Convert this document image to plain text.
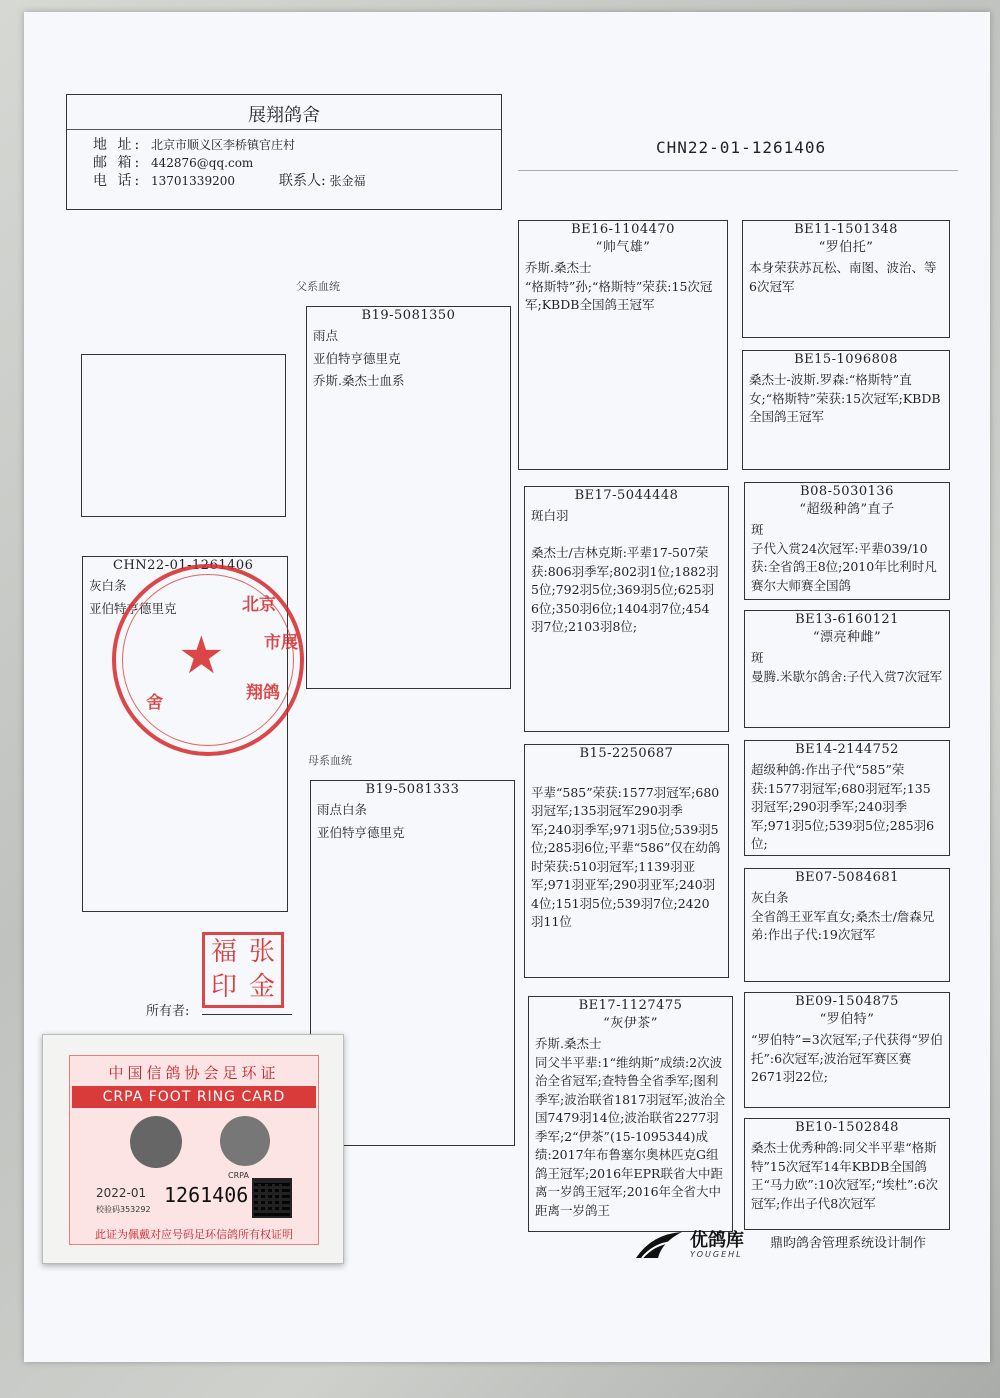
展翔鸽舍
地 址: 北京市顺义区李桥镇官庄村
邮 箱: 442876@qq.com
电 话: 13701339200	联系人: 张金福
CHN22-01-1261406
父系血统
母系血统
CHN22-01-1261406
灰白条
亚伯特亨德里克
B19-5081350
雨点
亚伯特亨德里克
乔斯.桑杰士血系
B19-5081333
雨点白条
亚伯特亨德里克
BE16-1104470
“帅气雄”
乔斯.桑杰士
“格斯特”孙;“格斯特”荣获:15次冠军;KBDB全国鸽王冠军
BE17-5044448
斑白羽

桑杰士/吉林克斯:平辈17-507荣获:806羽季军;802羽1位;1882羽5位;792羽5位;369羽5位;625羽6位;350羽6位;1404羽7位;454羽7位;2103羽8位;
B15-2250687

平辈“585”荣获:1577羽冠军;680羽冠军;135羽冠军290羽季军;240羽季军;971羽5位;539羽5位;285羽6位;平辈“586”仅在幼鸽时荣获:510羽冠军;1139羽亚军;971羽亚军;290羽亚军;240羽4位;151羽5位;539羽7位;2420羽11位
BE17-1127475
“灰伊茶”
乔斯.桑杰士
同父半平辈:1“维纳斯”成绩:2次波治全省冠军;查特鲁全省季军;图利季军;波治联省1817羽冠军;波治全国7479羽14位;波治联省2277羽季军;2“伊茶”(15-1095344)成绩:2017年布鲁塞尔奥林匹克G组鸽王冠军;2016年EPR联省大中距离一岁鸽王冠军;2016年全省大中距离一岁鸽王
BE11-1501348
“罗伯托”
本身荣获苏瓦松、南图、波治、等6次冠军
BE15-1096808
桑杰士-波斯.罗森:“格斯特”直女;“格斯特”荣获:15次冠军;KBDB全国鸽王冠军
B08-5030136
“超级种鸽”直子
斑
子代入赏24次冠军:平辈039/10获:全省鸽王8位;2010年比利时凡赛尔大师赛全国鸽
BE13-6160121
“漂亮种雌”
斑
曼腾.米歇尔鸽舍:子代入赏7次冠军
BE14-2144752
超级种鸽:作出子代“585”荣获:1577羽冠军;680羽冠军;135羽冠军;290羽季军;240羽季军;971羽5位;539羽5位;285羽6位;
BE07-5084681
灰白条
全省鸽王亚军直女;桑杰士/詹森兄弟:作出子代:19次冠军
BE09-1504875
“罗伯特”
“罗伯特”=3次冠军;子代获得“罗伯托”:6次冠军;波治冠军赛区赛2671羽22位;
BE10-1502848
桑杰士优秀种鸽:同父半平辈“格斯特”15次冠军14年KBDB全国鸽王“马力欧”:10次冠军;“埃杜”:6次冠军;作出子代8次冠军
★
北京
市展
翔鸽
舍
福 张
印 金
所有者:
优鸽库
YOUGEHL
鼎昀鸽舍管理系统设计制作
中国信鸽协会足环证
CRPA FOOT RING CARD
CRPA
2022-01 1261406
校验码353292
此证为佩戴对应号码足环信鸽所有权证明
